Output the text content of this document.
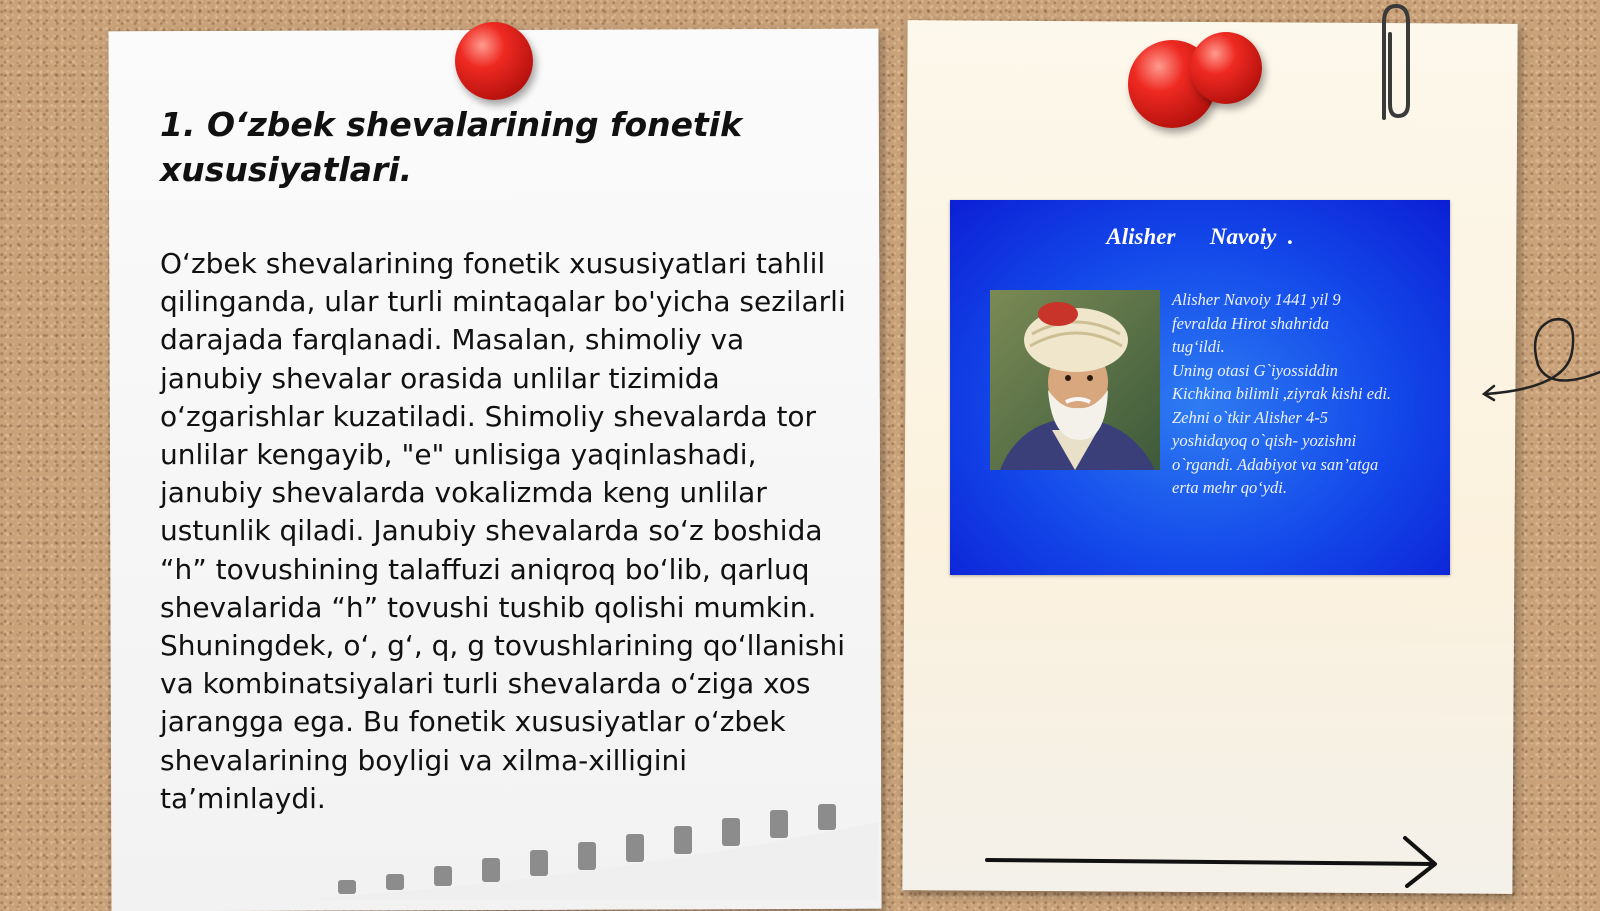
1. O‘zbek shevalarining fonetik xususiyatlari.

O‘zbek shevalarining fonetik xususiyatlari tahlil qilinganda, ular turli mintaqalar bo'yicha sezilarli darajada farqlanadi. Masalan, shimoliy va janubiy shevalar orasida unlilar tizimida o‘zgarishlar kuzatiladi. Shimoliy shevalarda tor unlilar kengayib, "e" unlisiga yaqinlashadi, janubiy shevalarda vokalizmda keng unlilar ustunlik qiladi. Janubiy shevalarda so‘z boshida “h” tovushining talaffuzi aniqroq bo‘lib, qarluq shevalarida “h” tovushi tushib qolishi mumkin. Shuningdek, o‘, g‘, q, g tovushlarining qo‘llanishi va kombinatsiyalari turli shevalarda o‘ziga xos jarangga ega. Bu fonetik xususiyatlar o‘zbek shevalarining boyligi va xilma-xilligini ta’minlaydi.

Alisher      Navoiy  .

Alisher Navoiy 1441 yil 9
fevralda Hirot shahrida
tug‘ildi.
Uning otasi G`iyossiddin
Kichkina bilimli ,ziyrak kishi edi.
Zehni o`tkir Alisher 4-5
yoshidayoq o`qish- yozishni
o`rgandi. Adabiyot va san’atga
erta mehr qo‘ydi.
